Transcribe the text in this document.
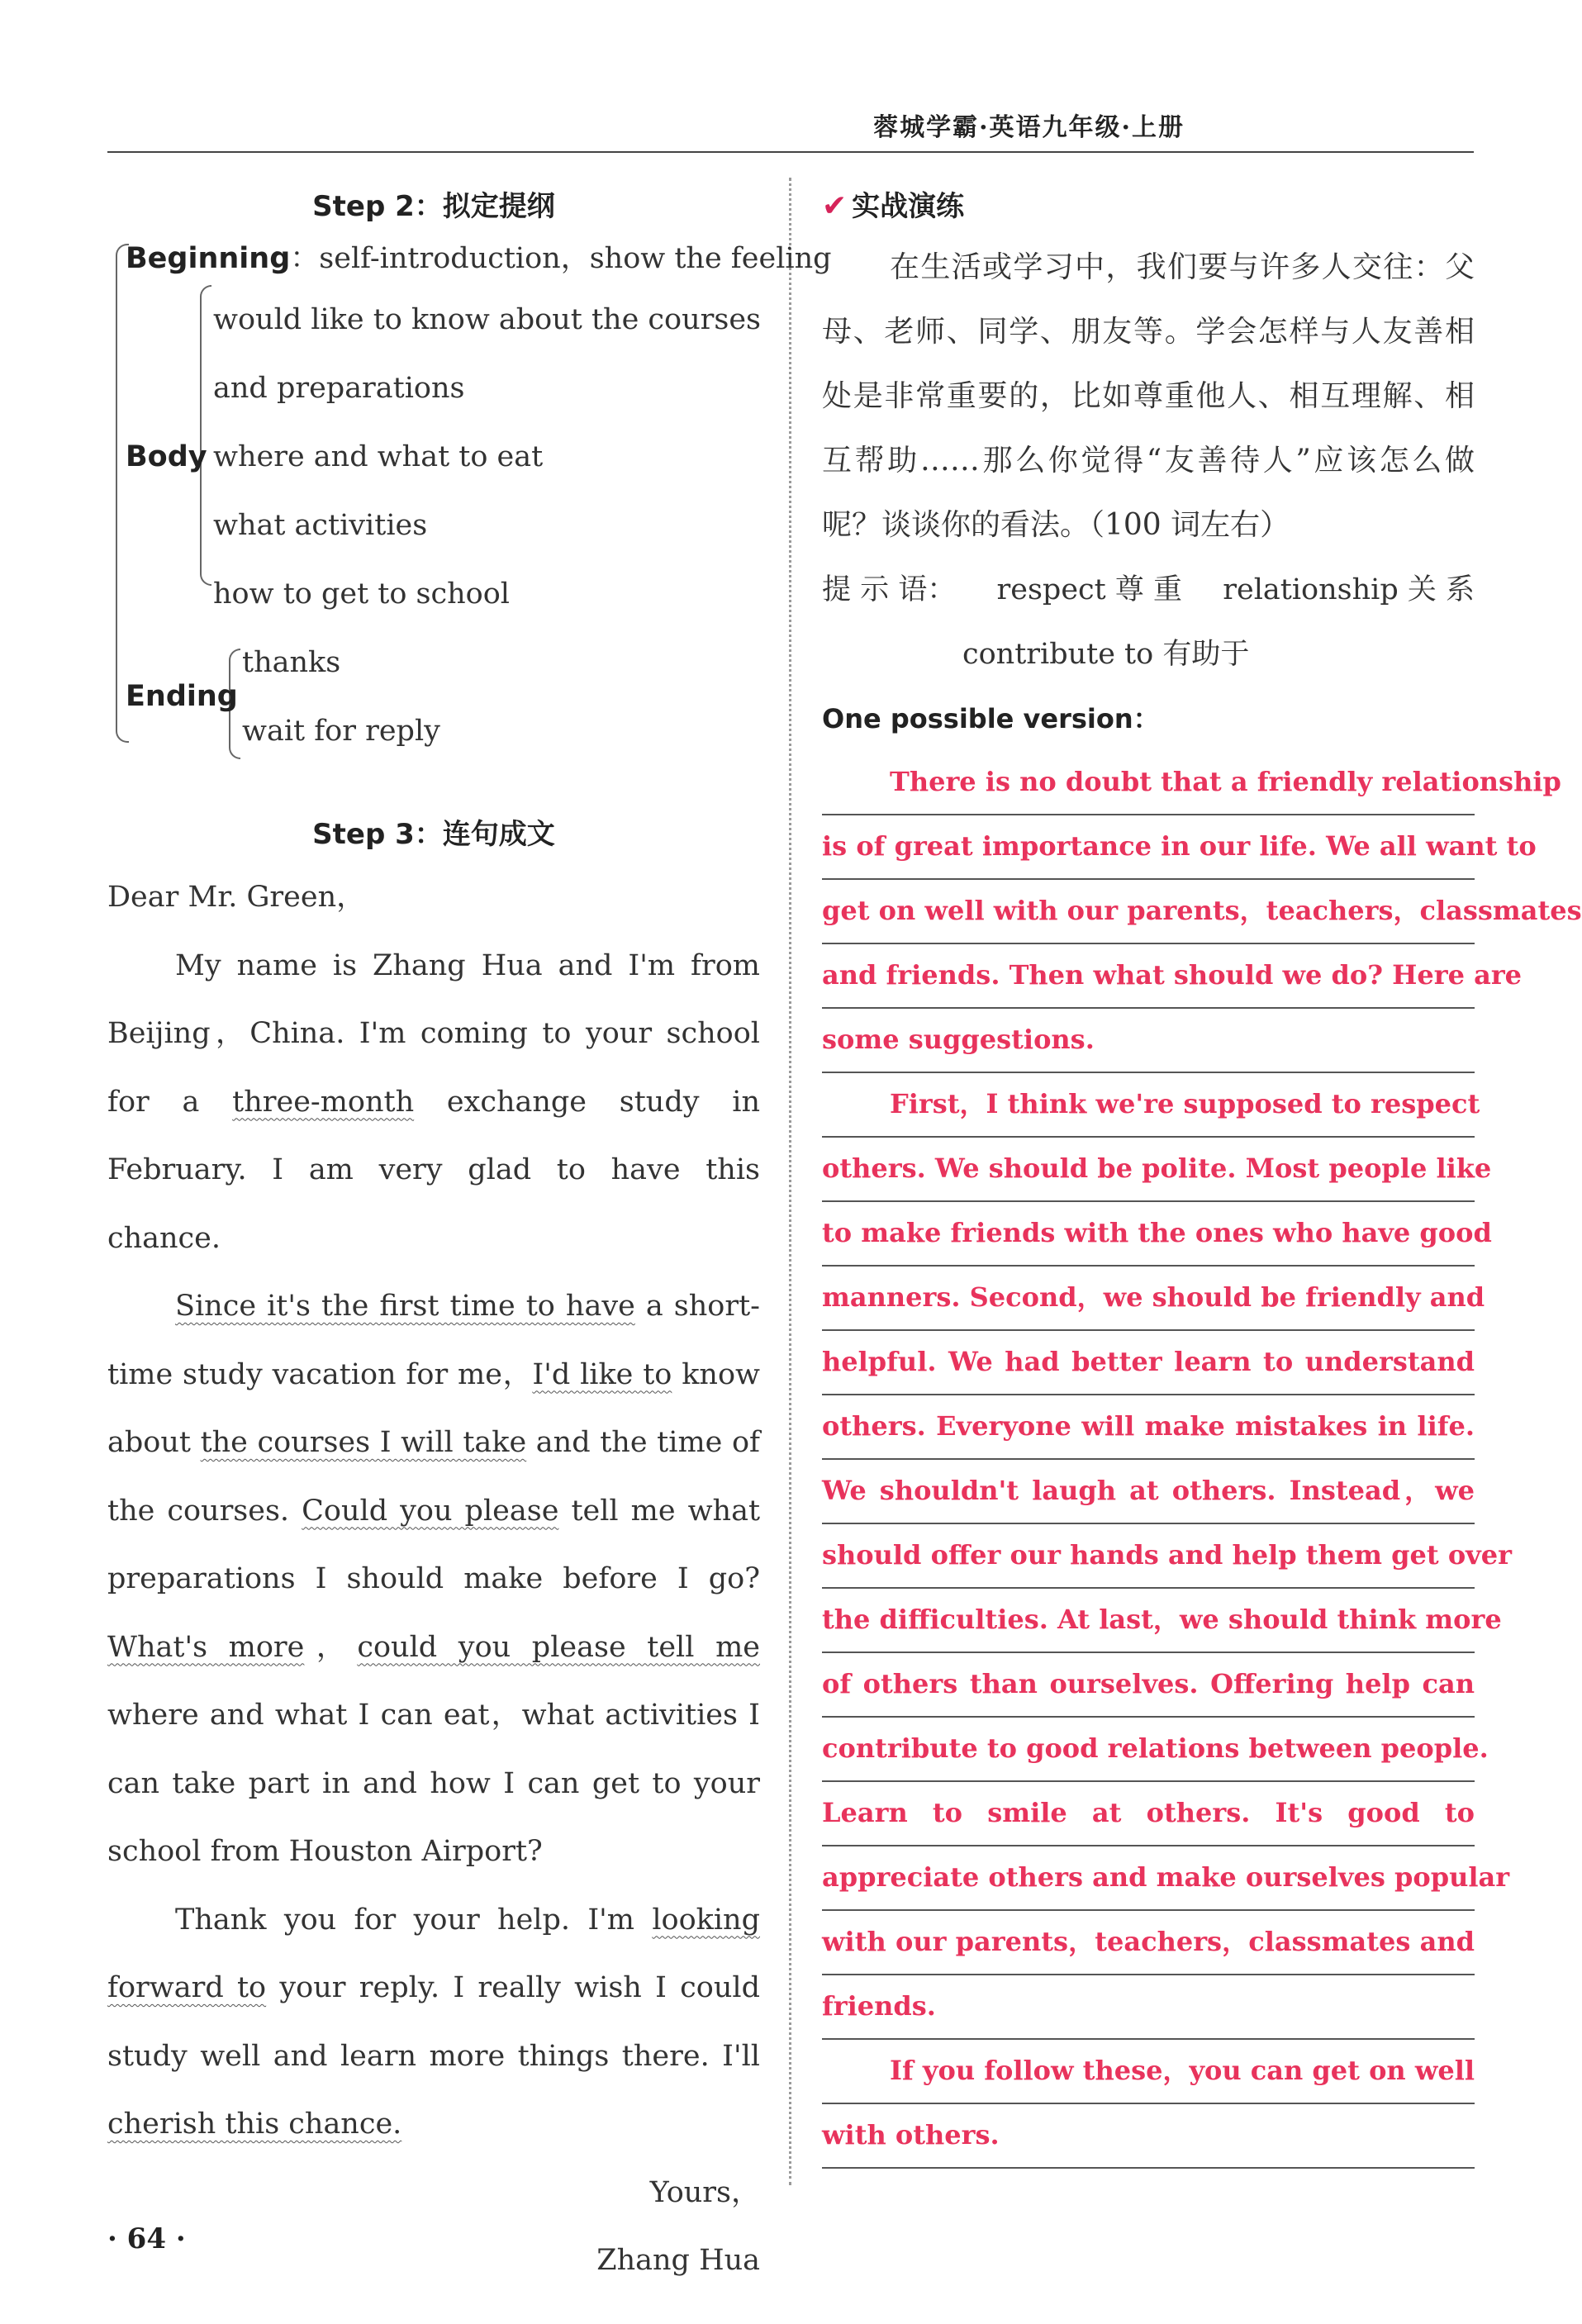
蓉城学霸·英语九年级·上册
Step 2：拟定提纲
Beginning：self-introduction，show the feeling
Body
would like to know about the courses
and preparations
where and what to eat
what activities
how to get to school
Ending
thanks
wait for reply
Step 3：连句成文

Dear Mr. Green，

My name is Zhang Hua and I'm from Beijing，China. I'm coming to your school for a three-month exchange study in February. I am very glad to have this chance.

Since it's the first time to have a short-time study vacation for me，I'd like to know about the courses I will take and the time of the courses. Could you please tell me what preparations I should make before I go? What's more，could you please tell me where and what I can eat，what activities I can take part in and how I can get to your school from Houston Airport?

Thank you for your help. I'm looking forward to your reply. I really wish I could study well and learn more things there. I'll cherish this chance.

Yours，

Zhang Hua

✔ 实战演练

在生活或学习中，我们要与许多人交往：父母、老师、同学、朋友等。学会怎样与人友善相处是非常重要的，比如尊重他人、相互理解、相互帮助……那么你觉得“友善待人”应该怎么做呢？谈谈你的看法。（100 词左右）

提 示 语： respect 尊 重 relationship 关 系
contribute to 有助于
One possible version：
There is no doubt that a friendly relationship
is of great importance in our life. We all want to
get on well with our parents，teachers，classmates
and friends. Then what should we do? Here are
some suggestions.
First，I think we're supposed to respect
others. We should be polite. Most people like
to make friends with the ones who have good
manners. Second，we should be friendly and
helpful. We had better learn to understand
others. Everyone will make mistakes in life.
We shouldn't laugh at others. Instead，we
should offer our hands and help them get over
the difficulties. At last，we should think more
of others than ourselves. Offering help can
contribute to good relations between people.
Learn to smile at others. It's good to
appreciate others and make ourselves popular
with our parents，teachers，classmates and
friends.
If you follow these，you can get on well
with others.
· 64 ·
